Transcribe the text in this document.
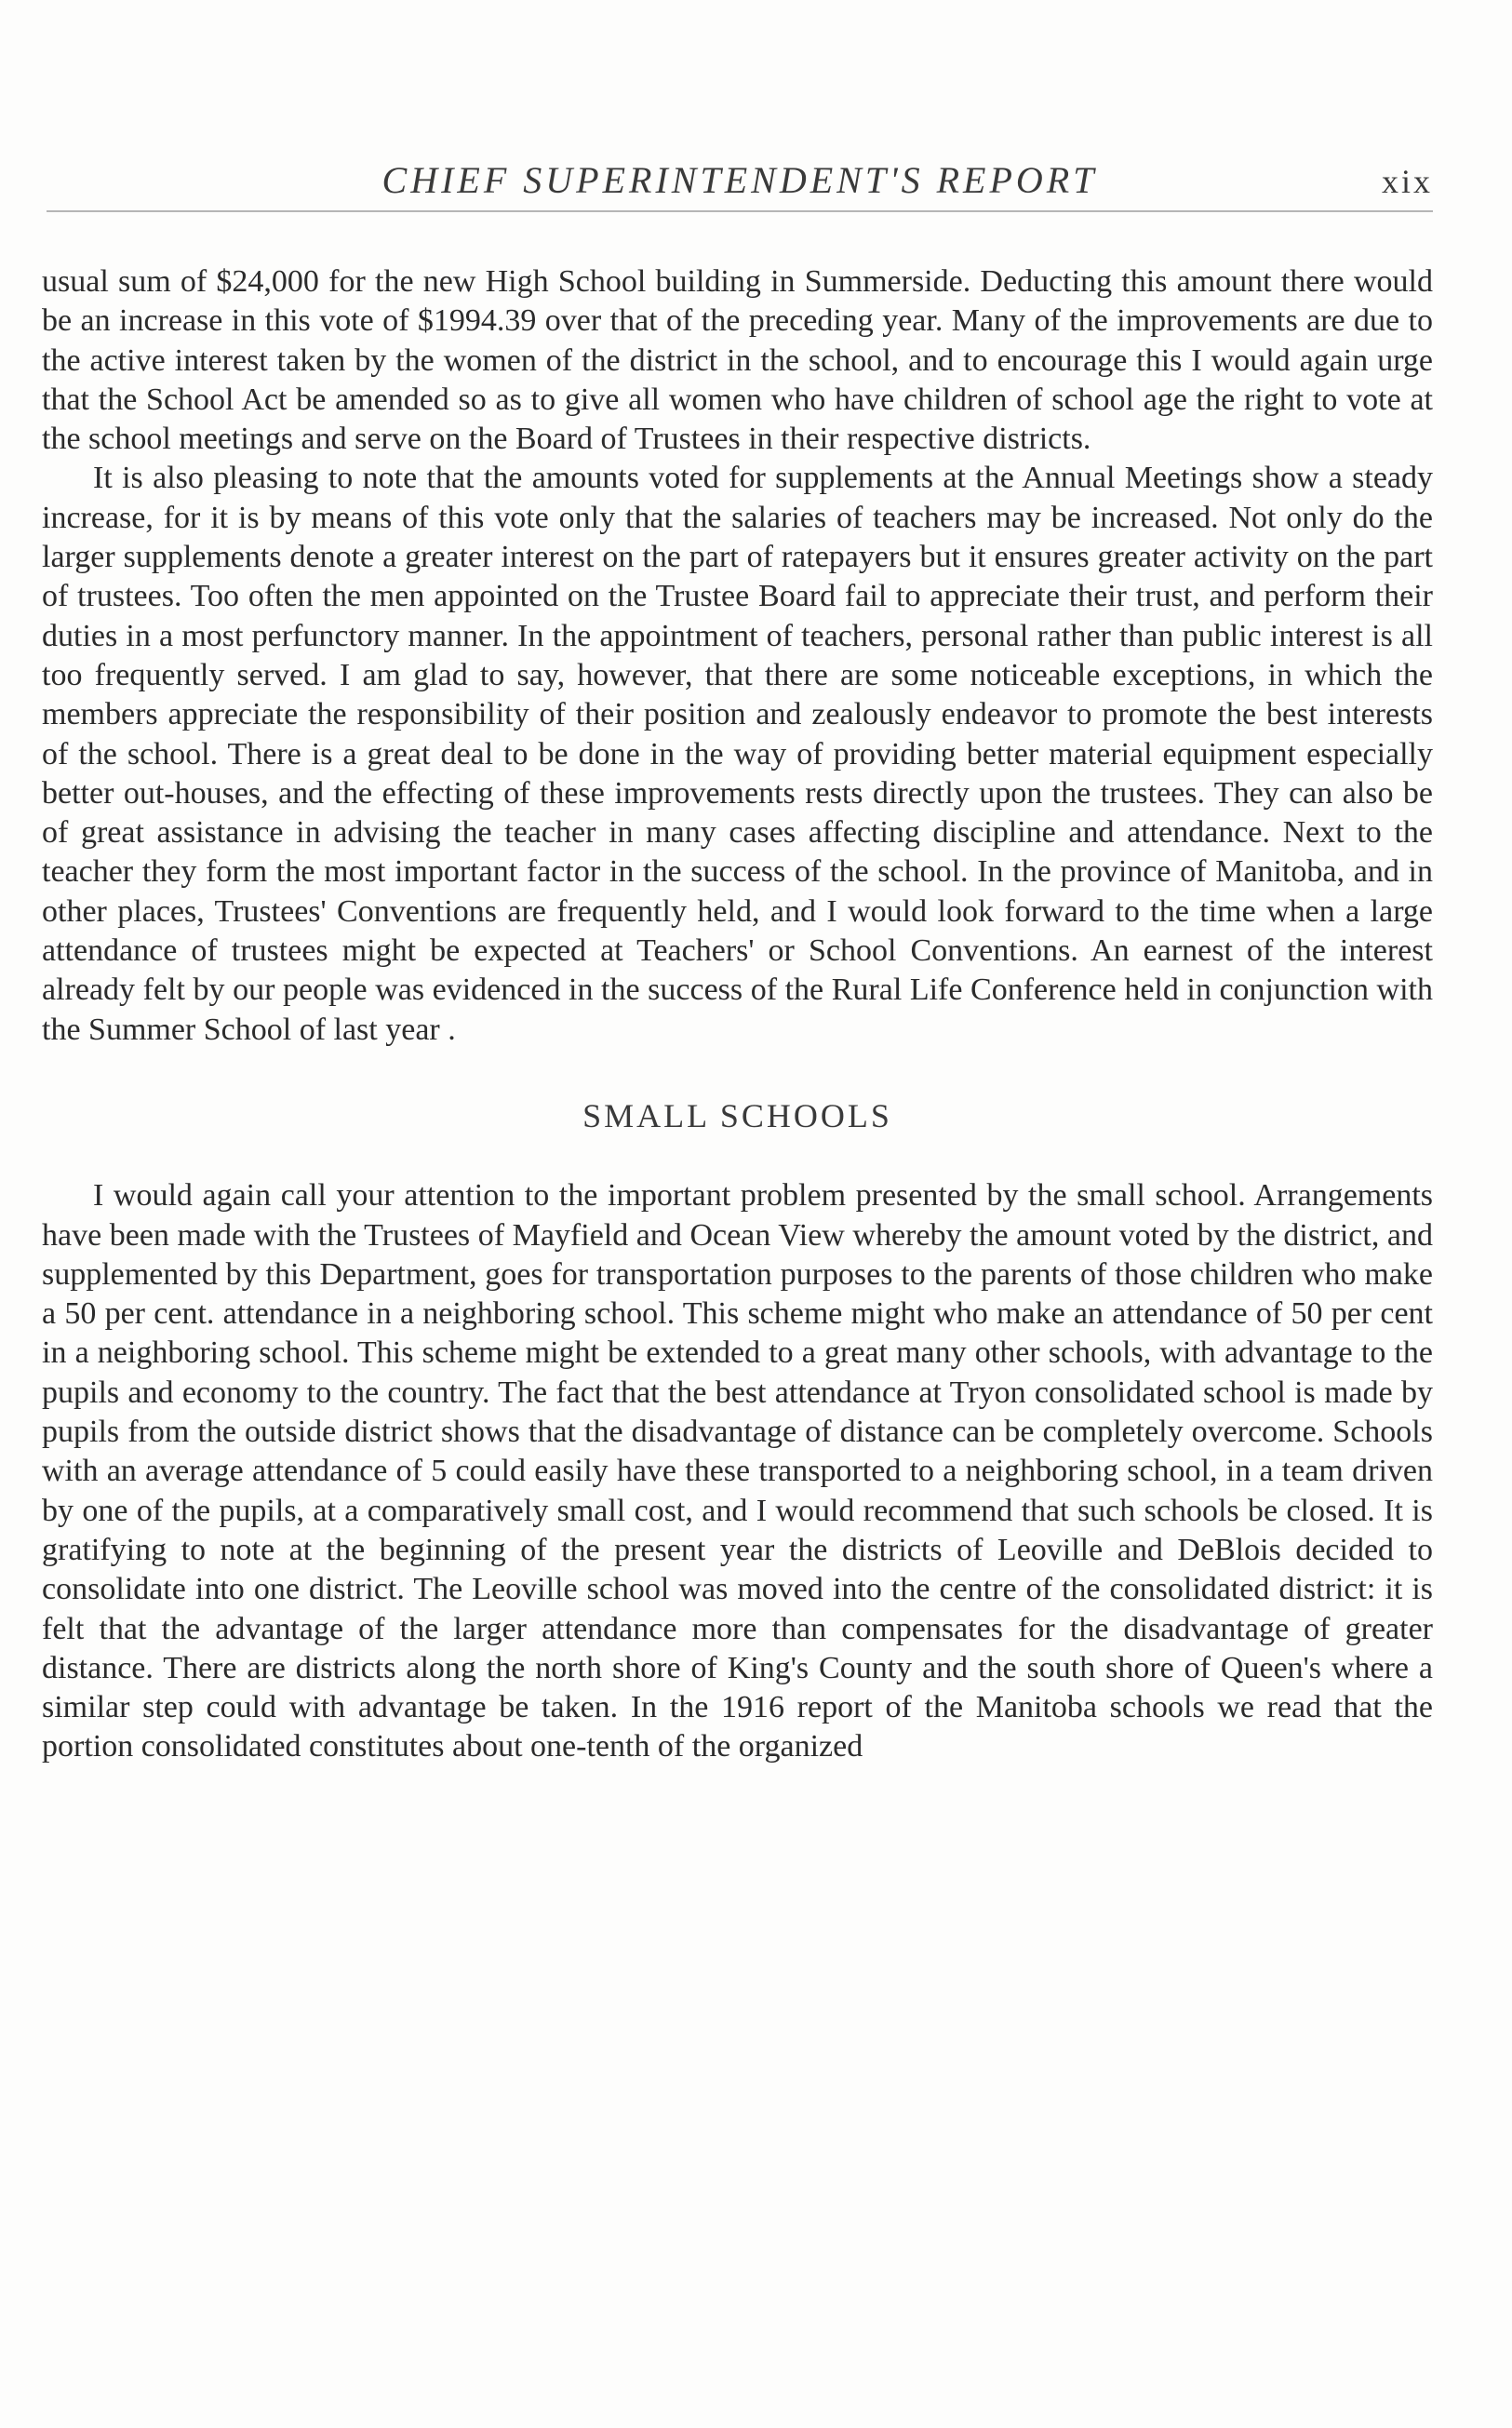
CHIEF SUPERINTENDENT'S REPORT	xix

usual sum of $24,000 for the new High School building in Summerside. Deducting this amount there would be an increase in this vote of $1994.39 over that of the preceding year. Many of the improvements are due to the active interest taken by the women of the district in the school, and to encourage this I would again urge that the School Act be amended so as to give all women who have children of school age the right to vote at the school meetings and serve on the Board of Trustees in their respective districts.

It is also pleasing to note that the amounts voted for supplements at the Annual Meetings show a steady increase, for it is by means of this vote only that the salaries of teachers may be increased. Not only do the larger supplements denote a greater interest on the part of ratepayers but it ensures greater activity on the part of trustees. Too often the men appointed on the Trustee Board fail to appreciate their trust, and perform their duties in a most perfunctory manner. In the appointment of teachers, personal rather than public interest is all too frequently served. I am glad to say, however, that there are some noticeable exceptions, in which the members appreciate the responsibility of their position and zealously endeavor to promote the best interests of the school. There is a great deal to be done in the way of providing better material equipment especially better out-houses, and the effecting of these improvements rests directly upon the trustees. They can also be of great assistance in advising the teacher in many cases affecting discipline and attendance. Next to the teacher they form the most important factor in the success of the school. In the province of Manitoba, and in other places, Trustees' Conventions are frequently held, and I would look forward to the time when a large attendance of trustees might be expected at Teachers' or School Conventions. An earnest of the interest already felt by our people was evidenced in the success of the Rural Life Conference held in conjunction with the Summer School of last year .

SMALL SCHOOLS

I would again call your attention to the important problem presented by the small school. Arrangements have been made with the Trustees of Mayfield and Ocean View whereby the amount voted by the district, and supplemented by this Department, goes for transportation purposes to the parents of those children who make a 50 per cent. attendance in a neighboring school. This scheme might who make an attendance of 50 per cent in a neighboring school. This scheme might be extended to a great many other schools, with advantage to the pupils and economy to the country. The fact that the best attendance at Tryon consolidated school is made by pupils from the outside district shows that the disadvantage of distance can be completely overcome. Schools with an average attendance of 5 could easily have these transported to a neighboring school, in a team driven by one of the pupils, at a comparatively small cost, and I would recommend that such schools be closed. It is gratifying to note at the beginning of the present year the districts of Leoville and DeBlois decided to consolidate into one district. The Leoville school was moved into the centre of the consolidated district: it is felt that the advantage of the larger attendance more than compensates for the disadvantage of greater distance. There are districts along the north shore of King's County and the south shore of Queen's where a similar step could with advantage be taken. In the 1916 report of the Manitoba schools we read that the portion consolidated constitutes about one-tenth of the organized
